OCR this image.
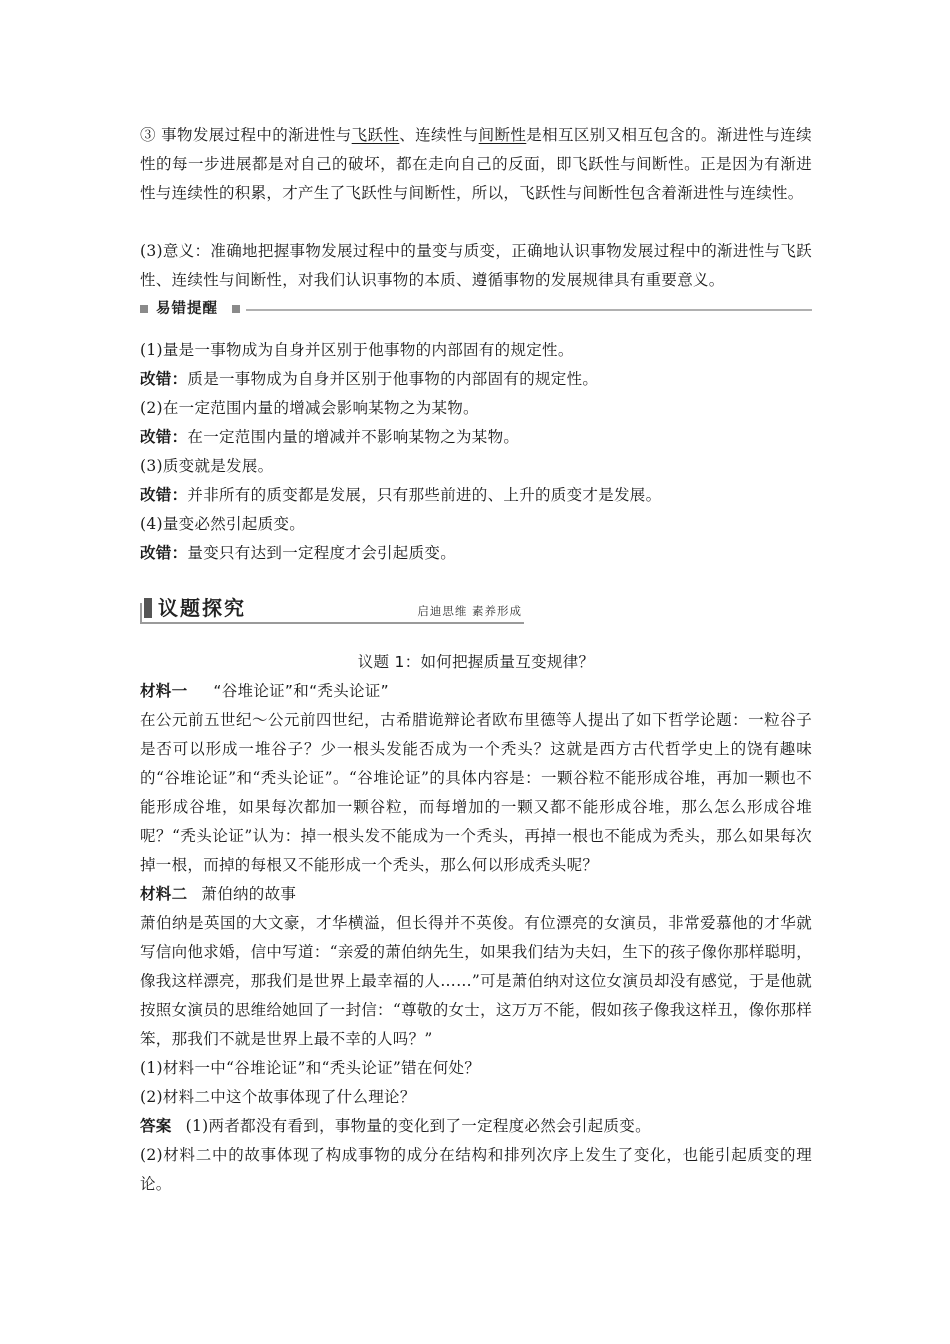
③ 事物发展过程中的渐进性与飞跃性、连续性与间断性是相互区别又相互包含的。渐进性与连续性的每一步进展都是对自己的破坏，都在走向自己的反面，即飞跃性与间断性。正是因为有渐进性与连续性的积累，才产生了飞跃性与间断性，所以，飞跃性与间断性包含着渐进性与连续性。

(3)意义：准确地把握事物发展过程中的量变与质变，正确地认识事物发展过程中的渐进性与飞跃性、连续性与间断性，对我们认识事物的本质、遵循事物的发展规律具有重要意义。

易错提醒

(1)量是一事物成为自身并区别于他事物的内部固有的规定性。

改错：质是一事物成为自身并区别于他事物的内部固有的规定性。

(2)在一定范围内量的增减会影响某物之为某物。

改错：在一定范围内量的增减并不影响某物之为某物。

(3)质变就是发展。

改错：并非所有的质变都是发展，只有那些前进的、上升的质变才是发展。

(4)量变必然引起质变。

改错：量变只有达到一定程度才会引起质变。

议题探究	启迪思维 素养形成

议题 1：如何把握质量互变规律？

材料一 “谷堆论证”和“秃头论证”

在公元前五世纪～公元前四世纪，古希腊诡辩论者欧布里德等人提出了如下哲学论题：一粒谷子是否可以形成一堆谷子？少一根头发能否成为一个秃头？这就是西方古代哲学史上的饶有趣味的“谷堆论证”和“秃头论证”。“谷堆论证”的具体内容是：一颗谷粒不能形成谷堆，再加一颗也不能形成谷堆，如果每次都加一颗谷粒，而每增加的一颗又都不能形成谷堆，那么怎么形成谷堆呢？“秃头论证”认为：掉一根头发不能成为一个秃头，再掉一根也不能成为秃头，那么如果每次掉一根，而掉的每根又不能形成一个秃头，那么何以形成秃头呢？

材料二 萧伯纳的故事

萧伯纳是英国的大文豪，才华横溢，但长得并不英俊。有位漂亮的女演员，非常爱慕他的才华就写信向他求婚，信中写道：“亲爱的萧伯纳先生，如果我们结为夫妇，生下的孩子像你那样聪明，像我这样漂亮，那我们是世界上最幸福的人……”可是萧伯纳对这位女演员却没有感觉，于是他就按照女演员的思维给她回了一封信：“尊敬的女士，这万万不能，假如孩子像我这样丑，像你那样笨，那我们不就是世界上最不幸的人吗？”

(1)材料一中“谷堆论证”和“秃头论证”错在何处？

(2)材料二中这个故事体现了什么理论？

答案 (1)两者都没有看到，事物量的变化到了一定程度必然会引起质变。

(2)材料二中的故事体现了构成事物的成分在结构和排列次序上发生了变化，也能引起质变的理论。
